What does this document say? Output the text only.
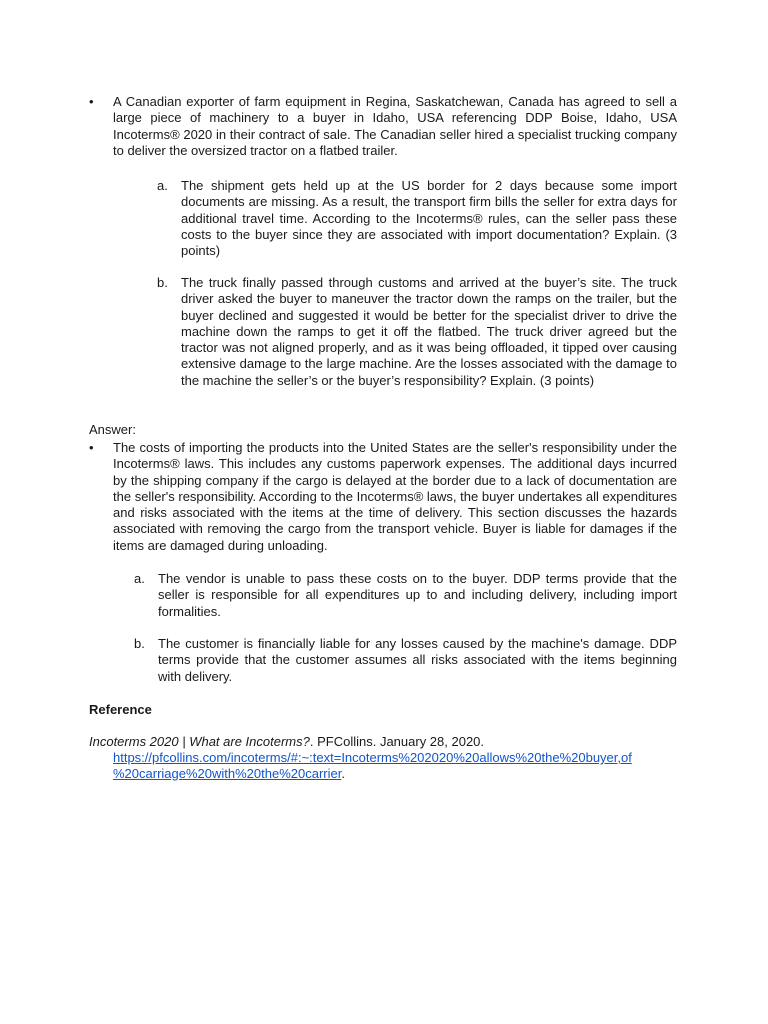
•

A Canadian exporter of farm equipment in Regina, Saskatchewan, Canada has agreed to sell a large piece of machinery to a buyer in Idaho, USA referencing DDP Boise, Idaho, USA Incoterms® 2020 in their contract of sale. The Canadian seller hired a specialist trucking company to deliver the oversized tractor on a flatbed trailer.

a. The shipment gets held up at the US border for 2 days because some import documents are missing. As a result, the transport firm bills the seller for extra days for additional travel time. According to the Incoterms® rules, can the seller pass these costs to the buyer since they are associated with import documentation? Explain. (3 points)

b. The truck finally passed through customs and arrived at the buyer’s site. The truck driver asked the buyer to maneuver the tractor down the ramps on the trailer, but the buyer declined and suggested it would be better for the specialist driver to drive the machine down the ramps to get it off the flatbed. The truck driver agreed but the tractor was not aligned properly, and as it was being offloaded, it tipped over causing extensive damage to the large machine. Are the losses associated with the damage to the machine the seller’s or the buyer’s responsibility? Explain. (3 points)

Answer:

•

The costs of importing the products into the United States are the seller's responsibility under the Incoterms® laws. This includes any customs paperwork expenses. The additional days incurred by the shipping company if the cargo is delayed at the border due to a lack of documentation are the seller's responsibility. According to the Incoterms® laws, the buyer undertakes all expenditures and risks associated with the items at the time of delivery. This section discusses the hazards associated with removing the cargo from the transport vehicle. Buyer is liable for damages if the items are damaged during unloading.

a. The vendor is unable to pass these costs on to the buyer. DDP terms provide that the seller is responsible for all expenditures up to and including delivery, including import formalities.

b. The customer is financially liable for any losses caused by the machine's damage. DDP terms provide that the customer assumes all risks associated with the items beginning with delivery.

Reference

Incoterms 2020 | What are Incoterms?. PFCollins. January 28, 2020.

https://pfcollins.com/incoterms/#:~:text=Incoterms%202020%20allows%20the%20buyer,of

%20carriage%20with%20the%20carrier.
